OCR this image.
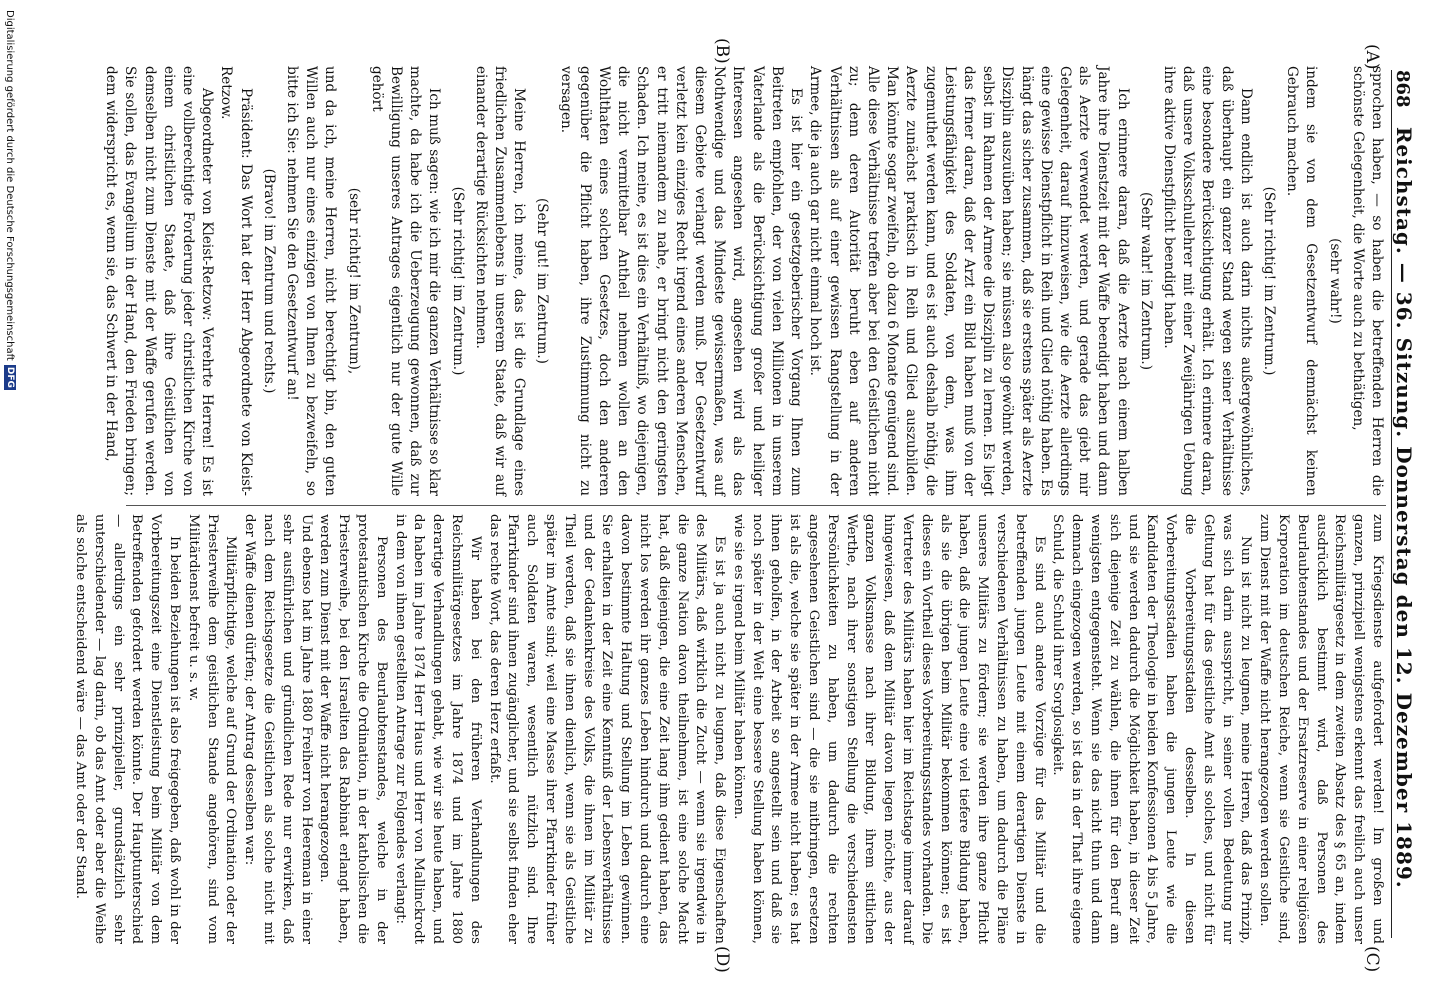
868
Reichstag. — 36. Sitzung. Donnerstag den 12. Dezember 1889.
(A)
(B)
(C)
(D)

sprochen haben, — so haben die betreffenden Herren die schönste Gelegenheit, die Worte auch zu bethätigen,

(sehr wahr!)

indem sie von dem Gesetzentwurf demnächst keinen Gebrauch machen.

(Sehr richtig! im Zentrum.)

Dann endlich ist auch darin nichts außergewöhnliches, daß überhaupt ein ganzer Stand wegen seiner Verhältnisse eine besondere Berücksichtigung erhält. Ich erinnere daran, daß unsere Volksschullehrer mit einer Zweijährigen Uebung ihre aktive Dienstpflicht beendigt haben.

(Sehr wahr! im Zentrum.)

Ich erinnere daran, daß die Aerzte nach einem halben Jahre ihre Dienstzeit mit der Waffe beendigt haben und dann als Aerzte verwendet werden, und gerade das giebt mir Gelegenheit, darauf hinzuweisen, wie die Aerzte allerdings eine gewisse Dienstpflicht in Reih und Glied nöthig haben. Es hängt das sicher zusammen, daß sie erstens später als Aerzte Disziplin auszuüben haben; sie müssen also gewöhnt werden, selbst im Rahmen der Armee die Disziplin zu lernen. Es liegt das ferner daran, daß der Arzt ein Bild haben muß von der Leistungsfähigkeit des Soldaten, von dem, was ihm zugemuthet werden kann, und es ist auch deshalb nöthig, die Aerzte zunächst praktisch in Reih und Glied auszubilden. Man könnte sogar zweifeln, ob dazu 6 Monate genügend sind. Alle diese Verhältnisse treffen aber bei den Geistlichen nicht zu; denn deren Autorität beruht eben auf anderen Verhältnissen als auf einer gewissen Rangstellung in der Armee, die ja auch gar nicht einmal hoch ist.

Es ist hier ein gesetzgeberischer Vorgang Ihnen zum Beitreten empfohlen, der von vielen Millionen in unserem Vaterlande als die Berücksichtigung großer und heiliger Interessen angesehen wird, angesehen wird als das Nothwendige und das Mindeste gewissermaßen, was auf diesem Gebiete verlangt werden muß. Der Gesetzentwurf verletzt kein einziges Recht irgend eines anderen Menschen, er tritt niemandem zu nahe, er bringt nicht den geringsten Schaden. Ich meine, es ist dies ein Verhältniß, wo diejenigen, die nicht vermittelbar Antheil nehmen wollen an den Wohlthaten eines solchen Gesetzes, doch den anderen gegenüber die Pflicht haben, ihre Zustimmung nicht zu versagen.

(Sehr gut! im Zentrum.)

Meine Herren, ich meine, das ist die Grundlage eines friedlichen Zusammenlebens in unserem Staate, daß wir auf einander derartige Rücksichten nehmen.

(Sehr richtig! im Zentrum.)

Ich muß sagen: wie ich mir die ganzen Verhältnisse so klar machte, da habe ich die Ueberzeugung gewonnen, daß zur Bewilligung unseres Antrages eigentlich nur der gute Wille gehört

(sehr richtig! im Zentrum),

und da ich, meine Herren, nicht berechtigt bin, den guten Willen auch nur eines einzigen von Ihnen zu bezweifeln, so bitte ich Sie: nehmen Sie den Gesetzentwurf an!

(Bravo! im Zentrum und rechts.)

Präsident: Das Wort hat der Herr Abgeordnete von Kleist-Retzow.

Abgeordneter von Kleist-Retzow: Verehrte Herren! Es ist eine vollberechtigte Forderung jeder christlichen Kirche von einem christlichen Staate, daß ihre Geistlichen von demselben nicht zum Dienste mit der Waffe gerufen werden. Sie sollen, das Evangelium in der Hand, den Frieden bringen; dem widerspricht es, wenn sie, das Schwert in der Hand,

zum Kriegsdienste aufgefordert werden! Im großen und ganzen, prinzipiell wenigstens erkennt das freilich auch unser Reichsmilitärgesetz in dem zweiten Absatz des § 65 an, indem ausdrücklich bestimmt wird, daß Personen des Beurlaubtenstandes und der Ersatzreserve in einer religiösen Korporation im deutschen Reiche, wenn sie Geistliche sind, zum Dienst mit der Waffe nicht herangezogen werden sollen.

Nun ist nicht zu leugnen, meine Herren, daß das Prinzip, was sich darin ausspricht, in seiner vollen Bedeutung nur Geltung hat für das geistliche Amt als solches, und nicht für die Vorbereitungsstadien desselben. In diesen Vorbereitungsstadien haben die jungen Leute wie die Kandidaten der Theologie in beiden Konfessionen 4 bis 5 Jahre, und sie werden dadurch die Möglichkeit haben, in dieser Zeit sich diejenige Zeit zu wählen, die ihnen für den Beruf am wenigsten entgegensteht. Wenn sie das nicht thun und dann demnach eingezogen werden, so ist das in der That ihre eigene Schuld, die Schuld ihrer Sorglosigkeit.

Es sind auch andere Vorzüge für das Militär und die betreffenden jungen Leute mit einem derartigen Dienste in verschiedenen Verhältnissen zu haben, um dadurch die Pläne unseres Militärs zu fördern; sie werden ihre ganze Pflicht haben, daß die jungen Leute eine viel tiefere Bildung haben, als sie die übrigen beim Militär bekommen können; es ist dieses ein Vortheil dieses Vorbereitungsstandes vorhanden. Die Vertreter des Militärs haben hier im Reichstage immer darauf hingewiesen, daß dem Militär davon liegen möchte, aus der ganzen Volksmasse nach ihrer Bildung, ihrem sittlichen Werthe, nach ihrer sonstigen Stellung die verschiedensten Persönlichkeiten zu haben, um dadurch die rechten angesehenen Geistlichen sind — die sie mitbringen, ersetzen ist als die, welche sie später in der Armee nicht haben; es hat ihnen geholfen, in der Arbeit so angestellt sein und daß sie noch später in der Welt eine bessere Stellung haben können, wie sie es irgend beim Militär haben können.

Es ist ja auch nicht zu leugnen, daß diese Eigenschaften des Militärs, daß wirklich die Zucht — wenn sie irgendwie in die ganze Nation davon theilnehmen, ist eine solche Macht hat, daß diejenigen, die eine Zeit lang ihm gedient haben, das nicht los werden ihr ganzes Leben hindurch und dadurch eine davon bestimmte Haltung und Stellung im Leben gewinnen. Sie erhalten in der Zeit eine Kenntniß der Lebensverhältnisse und der Gedankenkreise des Volks, die ihnen im Militär zu Theil werden, daß sie ihnen dienlich, wenn sie als Geistliche später im Amte sind; weil eine Masse ihrer Pfarrkinder früher auch Soldaten waren, wesentlich nützlich sind. Ihre Pfarrkinder sind ihnen zugänglicher, und sie selbst finden eher das rechte Wort, das deren Herz erfaßt.

Wir haben bei den früheren Verhandlungen des Reichsmilitärgesetzes im Jahre 1874 und im Jahre 1880 derartige Verhandlungen gehabt, wie wir sie heute haben, und da haben im Jahre 1874 Herr Haus und Herr von Mallinckrodt in dem von ihnen gestellten Antrage zur Folgendes verlangt:

Personen des Beurlaubtenstandes, welche in der protestantischen Kirche die Ordination, in der katholischen die Priesterweihe, bei den Israeliten das Rabbinat erlangt haben, werden zum Dienst mit der Waffe nicht herangezogen.

Und ebenso hat im Jahre 1880 Freiherr von Heereman in einer sehr ausführlichen und gründlichen Rede nur erwirken, daß nach dem Reichsgesetze die Geistlichen als solche nicht mit der Waffe dienen dürfen; der Antrag desselben war:

Militärpflichtige, welche auf Grund der Ordination oder der Priesterweihe dem geistlichen Stande angehören, sind vom Militärdienst befreit u. s. w.

In beiden Beziehungen ist also freigegeben, daß wohl in der Vorbereitungszeit eine Dienstleistung beim Militär von dem Betreffenden gefordert werden könnte. Der Hauptunterschied — allerdings ein sehr prinzipieller, grundsätzlich sehr unterschiedender — lag darin, ob das Amt oder aber die Weihe als solche entscheidend wäre — das Amt oder der Stand.

Digitalisierung gefördert durch die Deutsche Forschungsgemeinschaft
DFG
